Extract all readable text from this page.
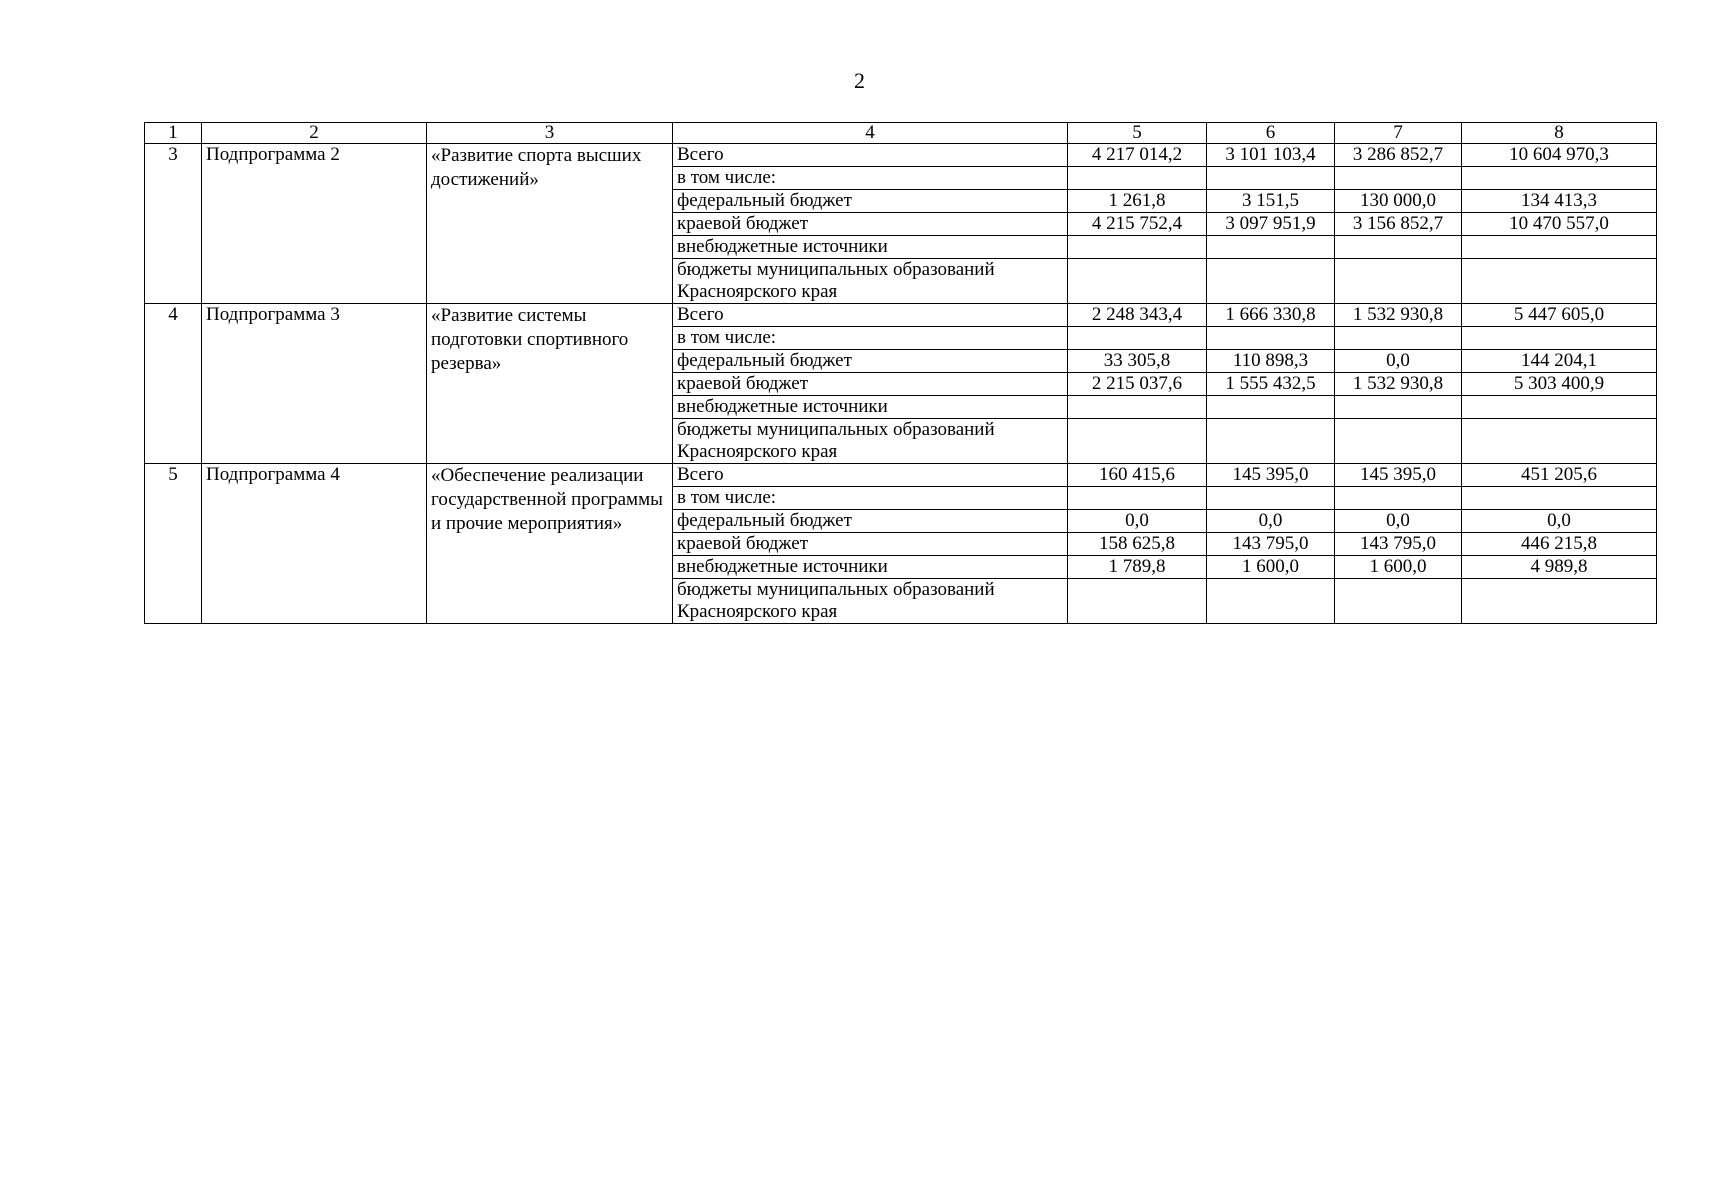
2
1	2	3	4	5	6	7	8
3	Подпрограмма 2	«Развитие спорта высших достижений»	Всего	4 217 014,2	3 101 103,4	3 286 852,7	10 604 970,3
			в том числе:				
			федеральный бюджет	1 261,8	3 151,5	130 000,0	134 413,3
			краевой бюджет	4 215 752,4	3 097 951,9	3 156 852,7	10 470 557,0
			внебюджетные источники				
			бюджеты муниципальных образований Красноярского края				
4	Подпрограмма 3	«Развитие системы подготовки спортивного резерва»	Всего	2 248 343,4	1 666 330,8	1 532 930,8	5 447 605,0
			в том числе:				
			федеральный бюджет	33 305,8	110 898,3	0,0	144 204,1
			краевой бюджет	2 215 037,6	1 555 432,5	1 532 930,8	5 303 400,9
			внебюджетные источники				
			бюджеты муниципальных образований Красноярского края				
5	Подпрограмма 4	«Обеспечение реализации государственной программы и прочие мероприятия»	Всего	160 415,6	145 395,0	145 395,0	451 205,6
			в том числе:				
			федеральный бюджет	0,0	0,0	0,0	0,0
			краевой бюджет	158 625,8	143 795,0	143 795,0	446 215,8
			внебюджетные источники	1 789,8	1 600,0	1 600,0	4 989,8
			бюджеты муниципальных образований Красноярского края				
